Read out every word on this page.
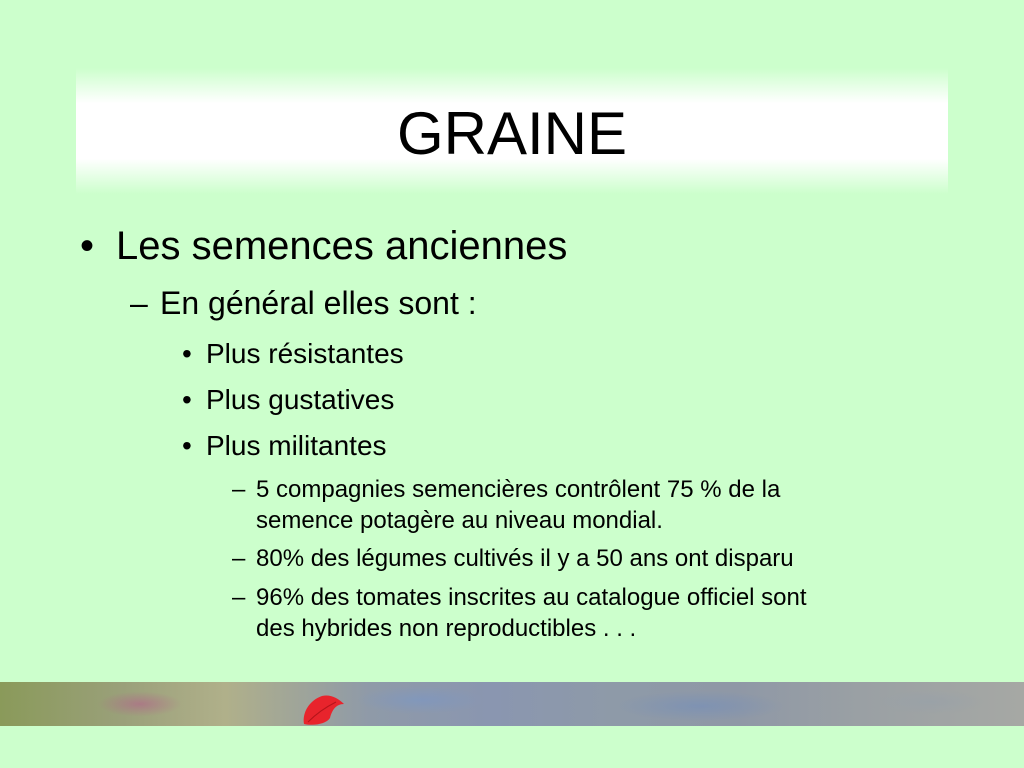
GRAINE
• Les semences anciennes
– En général elles sont :
• Plus résistantes
• Plus gustatives
• Plus militantes
– 5 compagnies semencières contrôlent 75 % de la
semence potagère au niveau mondial.
– 80% des légumes cultivés il y a 50 ans ont disparu
– 96% des tomates inscrites au catalogue officiel sont
des hybrides non reproductibles . . .
